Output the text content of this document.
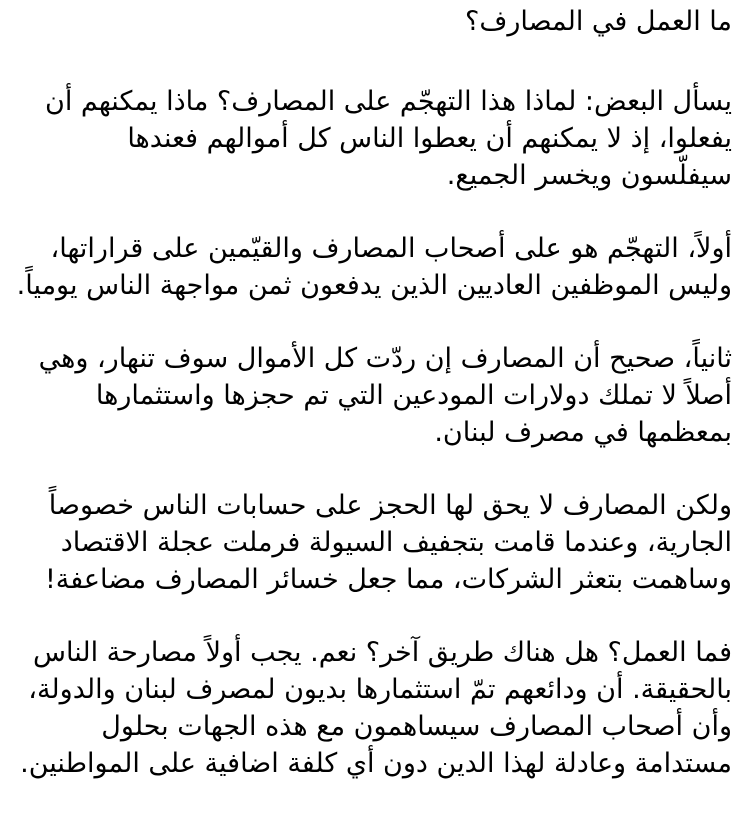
ما العمل في المصارف؟

يسأل البعض: لماذا هذا التهجّم على المصارف؟ ماذا يمكنهم أن
يفعلوا، إذ لا يمكنهم أن يعطوا الناس كل أموالهم فعندها
سيفلّسون ويخسر الجميع.

أولاً، التهجّم هو على أصحاب المصارف والقيّمين على قراراتها،
وليس الموظفين العاديين الذين يدفعون ثمن مواجهة الناس يومياً.

ثانياً، صحيح أن المصارف إن ردّت كل الأموال سوف تنهار، وهي
أصلاً لا تملك دولارات المودعين التي تم حجزها واستثمارها
بمعظمها في مصرف لبنان.

ولكن المصارف لا يحق لها الحجز على حسابات الناس خصوصاً
الجارية، وعندما قامت بتجفيف السيولة فرملت عجلة الاقتصاد
وساهمت بتعثر الشركات، مما جعل خسائر المصارف مضاعفة!

فما العمل؟ هل هناك طريق آخر؟ نعم. يجب أولاً مصارحة الناس
بالحقيقة. أن ودائعهم تمّ استثمارها بديون لمصرف لبنان والدولة،
وأن أصحاب المصارف سيساهمون مع هذه الجهات بحلول
مستدامة وعادلة لهذا الدين دون أي كلفة اضافية على المواطنين.
